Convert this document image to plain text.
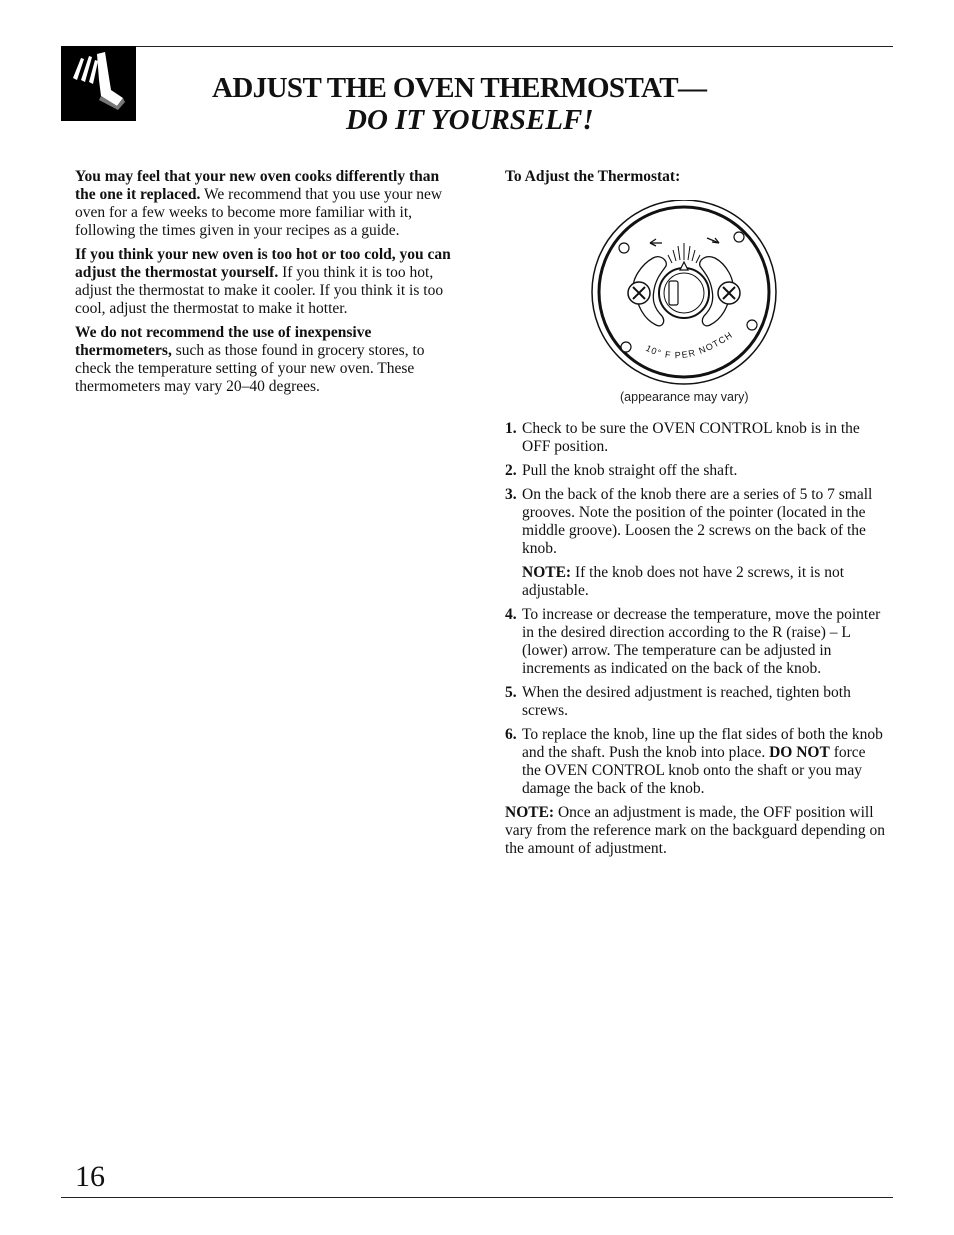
ADJUST THE OVEN THERMOSTAT—
DO IT YOURSELF!

You may feel that your new oven cooks differently than the one it replaced. We recommend that you use your new oven for a few weeks to become more familiar with it, following the times given in your recipes as a guide.

If you think your new oven is too hot or too cold, you can adjust the thermostat yourself. If you think it is too hot, adjust the thermostat to make it cooler. If you think it is too cool, adjust the thermostat to make it hotter.

We do not recommend the use of inexpensive thermometers, such as those found in grocery stores, to check the temperature setting of your new oven. These thermometers may vary 20–40 degrees.

To Adjust the Thermostat:

10° F PER NOTCH
(appearance may vary)
1. Check to be sure the OVEN CONTROL knob is in the OFF position.
2. Pull the knob straight off the shaft.
3. On the back of the knob there are a series of 5 to 7 small grooves. Note the position of the pointer (located in the middle groove). Loosen the 2 screws on the back of the knob.
NOTE: If the knob does not have 2 screws, it is not adjustable.
4. To increase or decrease the temperature, move the pointer in the desired direction according to the R (raise) – L (lower) arrow. The temperature can be adjusted in increments as indicated on the back of the knob.
5. When the desired adjustment is reached, tighten both screws.
6. To replace the knob, line up the flat sides of both the knob and the shaft. Push the knob into place. DO NOT force the OVEN CONTROL knob onto the shaft or you may damage the back of the knob.

NOTE: Once an adjustment is made, the OFF position will vary from the reference mark on the backguard depending on the amount of adjustment.

16
